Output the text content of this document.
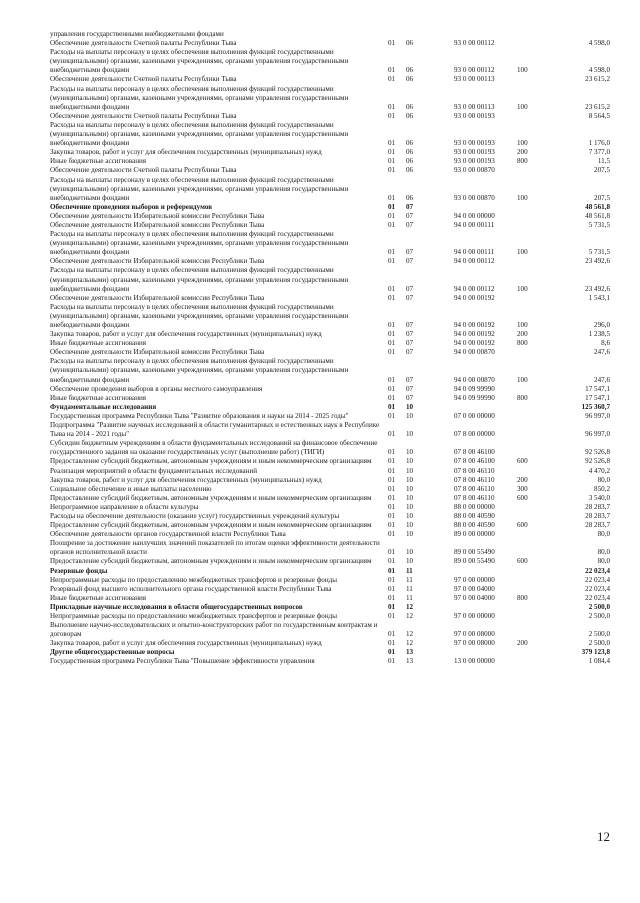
управления государственными внебюджетными фондами					
Обеспечение деятельности Счетной палаты Республики Тыва	01	06	93 0 00 00112		4 598,0
Расходы на выплаты персоналу в целях обеспечения выполнения функций государственными (муниципальными) органами, казенными учреждениями, органами управления государственными внебюджетными фондами	01	06	93 0 00 00112	100	4 598,0
Обеспечение деятельности Счетной палаты Республики Тыва	01	06	93 0 00 00113		23 615,2
Расходы на выплаты персоналу в целях обеспечения выполнения функций государственными (муниципальными) органами, казенными учреждениями, органами управления государственными внебюджетными фондами	01	06	93 0 00 00113	100	23 615,2
Обеспечение деятельности Счетной палаты Республики Тыва	01	06	93 0 00 00193		8 564,5
Расходы на выплаты персоналу в целях обеспечения выполнения функций государственными (муниципальными) органами, казенными учреждениями, органами управления государственными внебюджетными фондами	01	06	93 0 00 00193	100	1 176,0
Закупка товаров, работ и услуг для обеспечения государственных (муниципальных) нужд	01	06	93 0 00 00193	200	7 377,0
Иные бюджетные ассигнования	01	06	93 0 00 00193	800	11,5
Обеспечение деятельности Счетной палаты Республики Тыва	01	06	93 0 00 00870		207,5
Расходы на выплаты персоналу в целях обеспечения выполнения функций государственными (муниципальными) органами, казенными учреждениями, органами управления государственными внебюджетными фондами	01	06	93 0 00 00870	100	207,5
Обеспечение проведения выборов и референдумов	01	07			48 561,8
Обеспечение деятельности Избирательной комиссии Республики Тыва	01	07	94 0 00 00000		48 561,8
Обеспечение деятельности Избирательной комиссии Республики Тыва	01	07	94 0 00 00111		5 731,5
Расходы на выплаты персоналу в целях обеспечения выполнения функций государственными (муниципальными) органами, казенными учреждениями, органами управления государственными внебюджетными фондами	01	07	94 0 00 00111	100	5 731,5
Обеспечение деятельности Избирательной комиссии Республики Тыва	01	07	94 0 00 00112		23 492,6
Расходы на выплаты персоналу в целях обеспечения выполнения функций государственными (муниципальными) органами, казенными учреждениями, органами управления государственными внебюджетными фондами	01	07	94 0 00 00112	100	23 492,6
Обеспечение деятельности Избирательной комиссии Республики Тыва	01	07	94 0 00 00192		1 543,1
Расходы на выплаты персоналу в целях обеспечения выполнения функций государственными (муниципальными) органами, казенными учреждениями, органами управления государственными внебюджетными фондами	01	07	94 0 00 00192	100	296,0
Закупка товаров, работ и услуг для обеспечения государственных (муниципальных) нужд	01	07	94 0 00 00192	200	1 238,5
Иные бюджетные ассигнования	01	07	94 0 00 00192	800	8,6
Обеспечение деятельности Избирательной комиссии Республики Тыва	01	07	94 0 00 00870		247,6
Расходы на выплаты персоналу в целях обеспечения выполнения функций государственными (муниципальными) органами, казенными учреждениями, органами управления государственными внебюджетными фондами	01	07	94 0 00 00870	100	247,6
Обеспечение проведения выборов в органы местного самоуправления	01	07	94 0 09 99990		17 547,1
Иные бюджетные ассигнования	01	07	94 0 09 99990	800	17 547,1
Фундаментальные исследования	01	10			125 360,7
Государственная программа Республики Тыва "Развитие образования и науки на 2014 - 2025 годы"	01	10	07 0 00 00000		96 997,0
Подпрограмма "Развитие научных исследований в области гуманитарных и естественных наук в Республике Тыва на 2014 - 2021 годы"	01	10	07 8 00 00000		96 997,0
Субсидии бюджетным учреждениям в области фундаментальных исследований на финансовое обеспечение государственного задания на оказание государственных услуг (выполнение работ) (ТИГИ)	01	10	07 8 00 46100		92 526,8
Предоставление субсидий бюджетным, автономным учреждениям и иным некоммерческим организациям	01	10	07 8 00 46100	600	92 526,8
Реализация мероприятий в области фундаментальных исследований	01	10	07 8 00 46110		4 470,2
Закупка товаров, работ и услуг для обеспечения государственных (муниципальных) нужд	01	10	07 8 00 46110	200	80,0
Социальное обеспечение и иные выплаты населению	01	10	07 8 00 46110	300	850,2
Предоставление субсидий бюджетным, автономным учреждениям и иным некоммерческим организациям	01	10	07 8 00 46110	600	3 540,0
Непрограммное направление в области культуры	01	10	88 0 00 00000		28 283,7
Расходы на обеспечение деятельности (оказание услуг) государственных учреждений культуры	01	10	88 0 00 40590		28 283,7
Предоставление субсидий бюджетным, автономным учреждениям и иным некоммерческим организациям	01	10	88 0 00 40590	600	28 283,7
Обеспечение деятельности органов государственной власти Республики Тыва	01	10	89 0 00 00000		80,0
Поощрение за достижение наилучших значений показателей по итогам оценки эффективности деятельности органов исполнительной власти	01	10	89 0 00 55490		80,0
Предоставление субсидий бюджетным, автономным учреждениям и иным некоммерческим организациям	01	10	89 0 00 55490	600	80,0
Резервные фонды	01	11			22 023,4
Непрограммные расходы по предоставлению межбюджетных трансфертов и резервные фонды	01	11	97 0 00 00000		22 023,4
Резервный фонд высшего исполнительного органа государственной власти Республики Тыва	01	11	97 0 00 04000		22 023,4
Иные бюджетные ассигнования	01	11	97 0 00 04000	800	22 023,4
Прикладные научные исследования в области общегосударственных вопросов	01	12			2 500,0
Непрограммные расходы по предоставлению межбюджетных трансфертов и резервные фонды	01	12	97 0 00 00000		2 500,0
Выполнение научно-исследовательских и опытно-конструкторских работ по государственным контрактам и договорам	01	12	97 0 00 08000		2 500,0
Закупка товаров, работ и услуг для обеспечения государственных (муниципальных) нужд	01	12	97 0 00 08000	200	2 500,0
Другие общегосударственные вопросы	01	13			379 123,8
Государственная программа Республики Тыва "Повышение эффективности управления	01	13	13 0 00 00000		1 084,4
12
